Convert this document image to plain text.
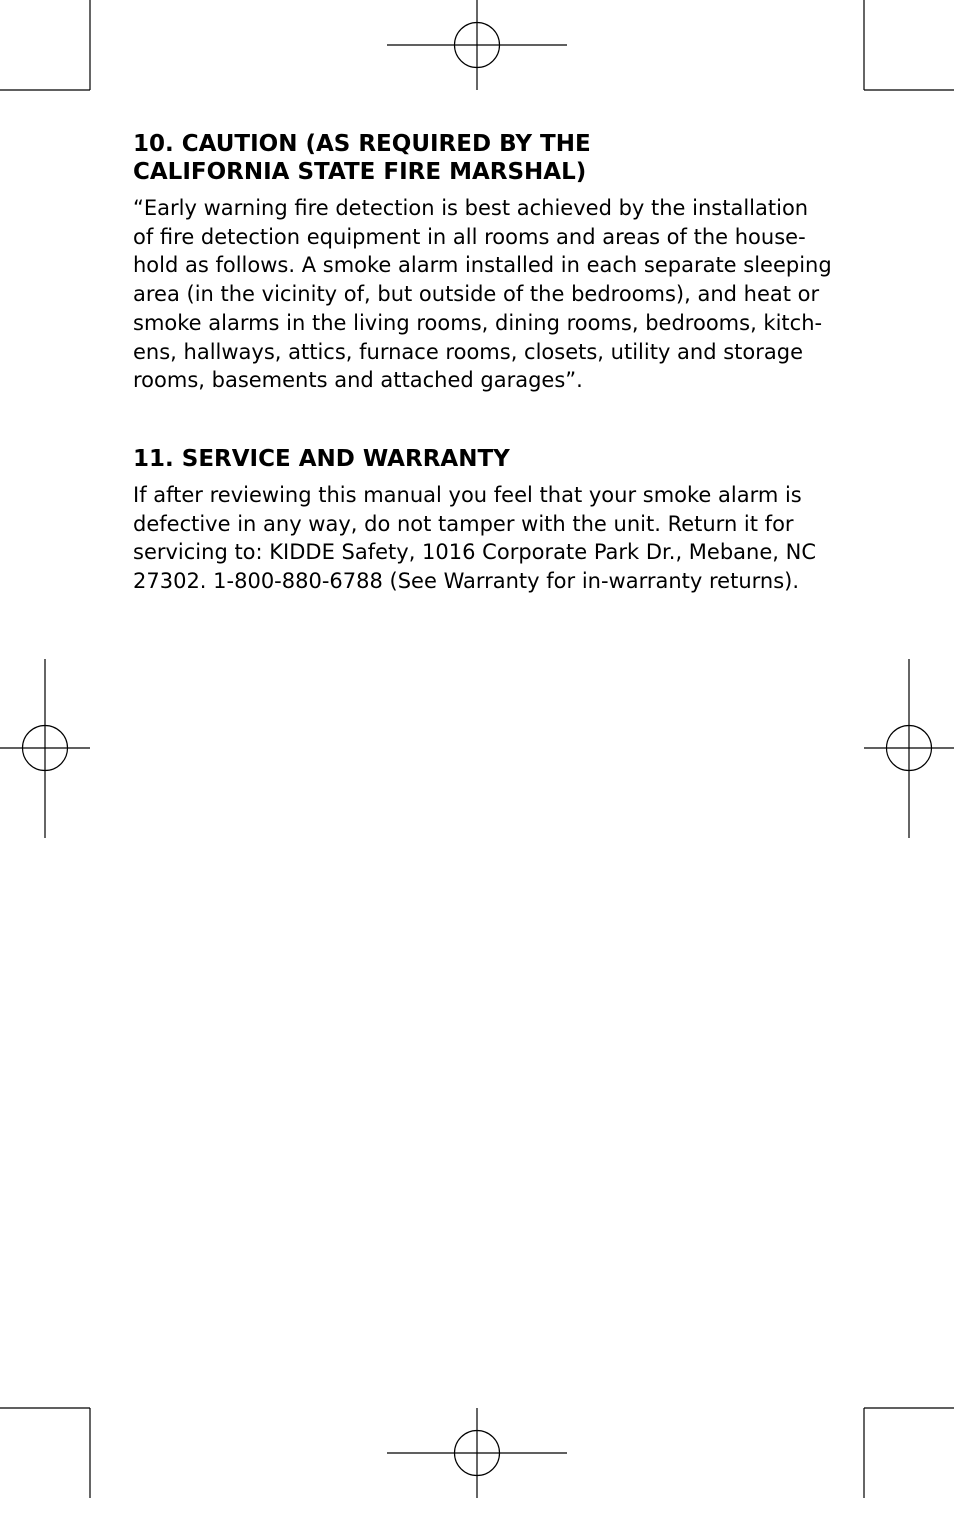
10. CAUTION (AS REQUIRED BY THE
CALIFORNIA STATE FIRE MARSHAL)

“Early warning fire detection is best achieved by the installation
of fire detection equipment in all rooms and areas of the house-
hold as follows. A smoke alarm installed in each separate sleeping
area (in the vicinity of, but outside of the bedrooms), and heat or
smoke alarms in the living rooms, dining rooms, bedrooms, kitch-
ens, hallways, attics, furnace rooms, closets, utility and storage
rooms, basements and attached garages”.

11. SERVICE AND WARRANTY

If after reviewing this manual you feel that your smoke alarm is
defective in any way, do not tamper with the unit. Return it for
servicing to: KIDDE Safety, 1016 Corporate Park Dr., Mebane, NC
27302. 1-800-880-6788 (See Warranty for in-warranty returns).
